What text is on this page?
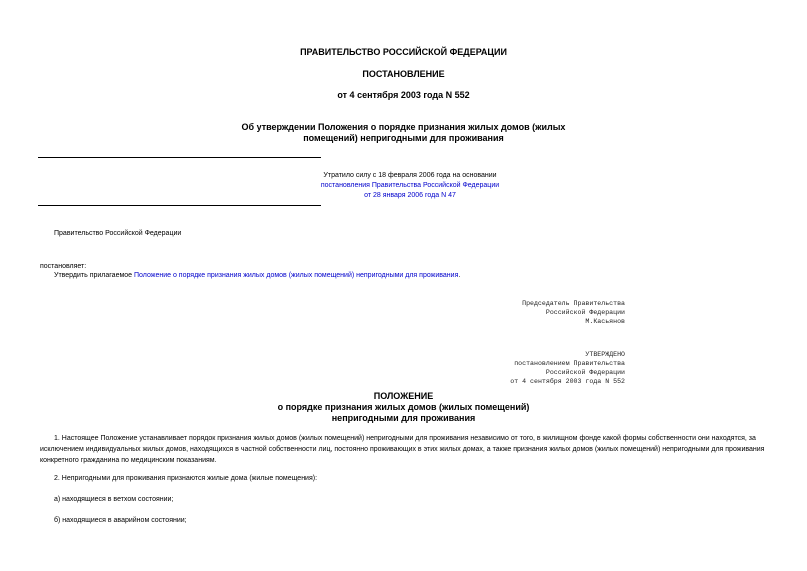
ПРАВИТЕЛЬСТВО РОССИЙСКОЙ ФЕДЕРАЦИИ
ПОСТАНОВЛЕНИЕ
от 4 сентября 2003 года N 552
Об утверждении Положения о порядке признания жилых домов (жилых
помещений) непригодными для проживания
Утратило силу с 18 февраля 2006 года на основании
постановления Правительства Российской Федерации
от 28 января 2006 года N 47
Правительство Российской Федерации
постановляет:
Утвердить прилагаемое Положение о порядке признания жилых домов (жилых помещений) непригодными для проживания.
Председатель Правительства
Российской Федерации
М.Касьянов
УТВЕРЖДЕНО
постановлением Правительства
Российской Федерации
от 4 сентября 2003 года N 552
ПОЛОЖЕНИЕ
о порядке признания жилых домов (жилых помещений)
непригодными для проживания
1. Настоящее Положение устанавливает порядок признания жилых домов (жилых помещений) непригодными для проживания независимо от того, в жилищном фонде какой формы собственности они находятся, за
исключением индивидуальных жилых домов, находящихся в частной собственности лиц, постоянно проживающих в этих жилых домах, а также признания жилых домов (жилых помещений) непригодными для проживания
конкретного гражданина по медицинским показаниям.
2. Непригодными для проживания признаются жилые дома (жилые помещения):
а) находящиеся в ветхом состоянии;
б) находящиеся в аварийном состоянии;
